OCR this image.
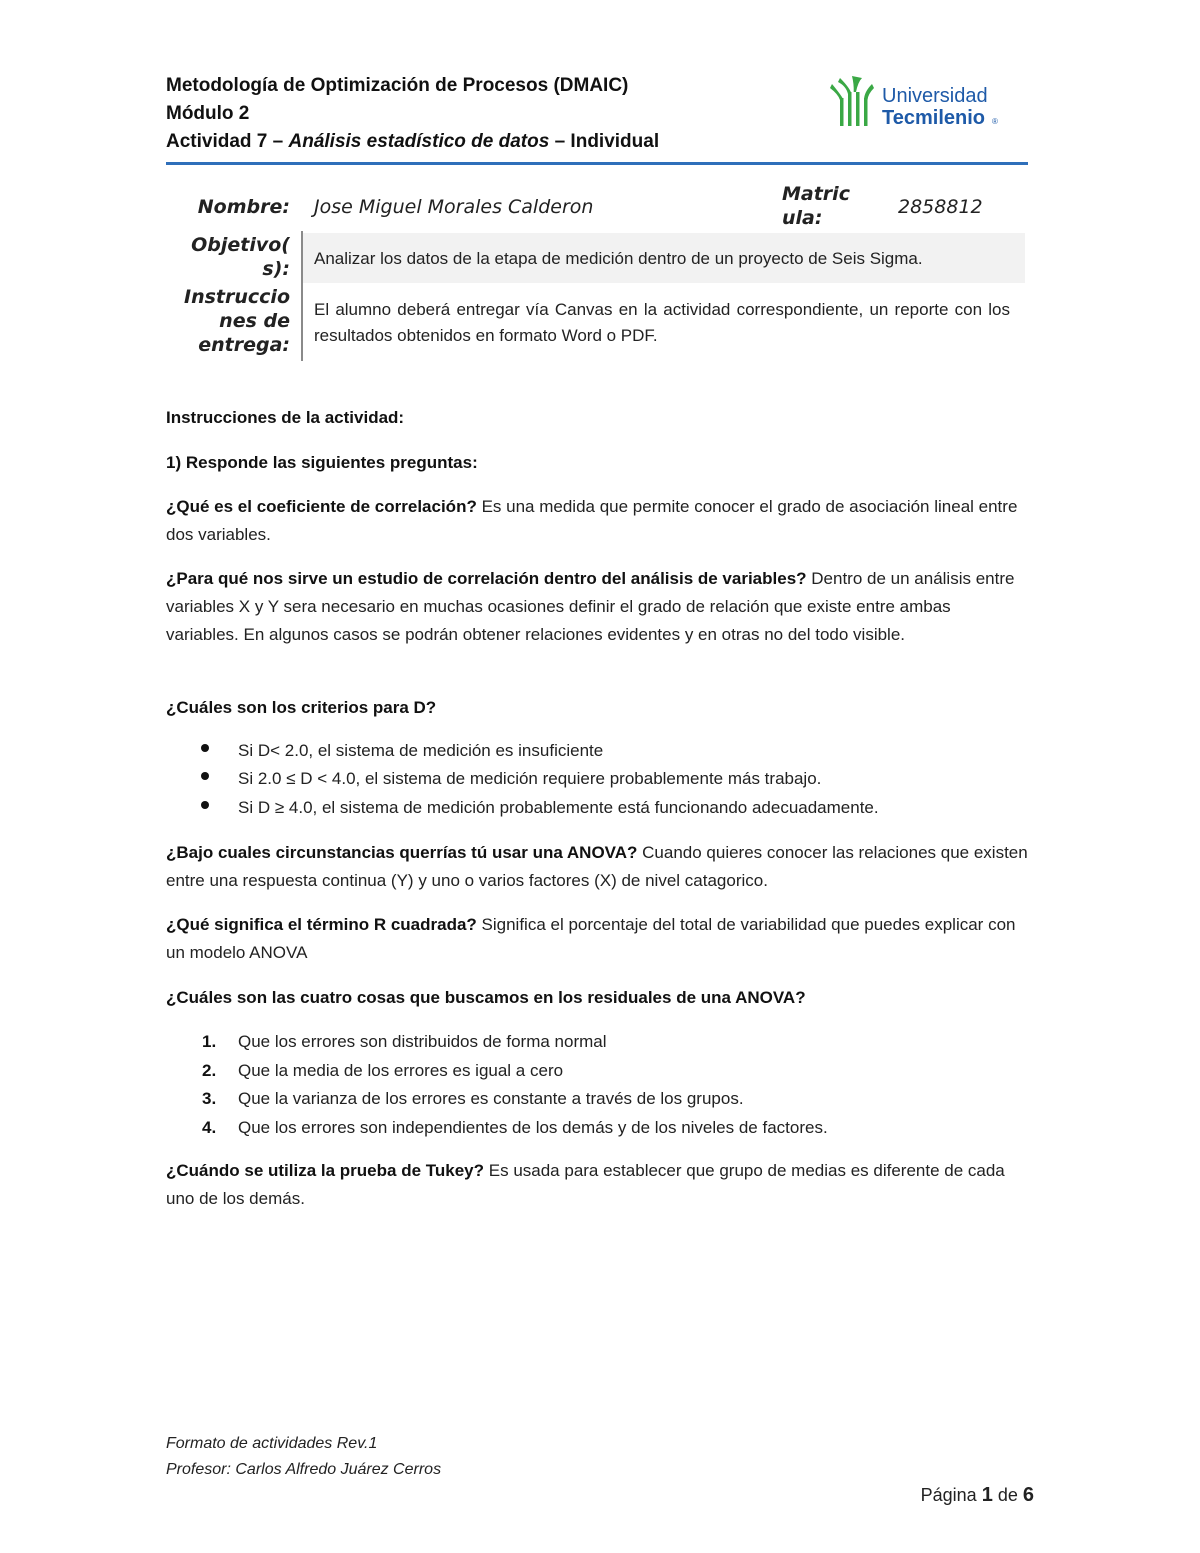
Metodología de Optimización de Procesos (DMAIC)
Módulo 2
Actividad 7 – Análisis estadístico de datos – Individual
Universidad
Tecmilenio ®
Nombre: Jose Miguel Morales Calderon
Matric
ula:	2858812
Objetivo(
s): Analizar los datos de la etapa de medición dentro de un proyecto de Seis Sigma.
Instruccio
nes de
entrega:
El alumno deberá entregar vía Canvas en la actividad correspondiente, un reporte con los resultados obtenidos en formato Word o PDF.
Instrucciones de la actividad:
1) Responde las siguientes preguntas:
¿Qué es el coeficiente de correlación? Es una medida que permite conocer el grado de asociación lineal entre dos variables.
¿Para qué nos sirve un estudio de correlación dentro del análisis de variables? Dentro de un análisis entre variables X y Y sera necesario en muchas ocasiones definir el grado de relación que existe entre ambas variables. En algunos casos se podrán obtener relaciones evidentes y en otras no del todo visible.
¿Cuáles son los criterios para D?
Si D< 2.0, el sistema de medición es insuficiente
Si 2.0 ≤ D < 4.0, el sistema de medición requiere probablemente más trabajo.
Si D ≥ 4.0, el sistema de medición probablemente está funcionando adecuadamente.
¿Bajo cuales circunstancias querrías tú usar una ANOVA? Cuando quieres conocer las relaciones que existen entre una respuesta continua (Y) y uno o varios factores (X) de nivel catagorico.
¿Qué significa el término R cuadrada? Significa el porcentaje del total de variabilidad que puedes explicar con un modelo ANOVA
¿Cuáles son las cuatro cosas que buscamos en los residuales de una ANOVA?
1. Que los errores son distribuidos de forma normal
2. Que la media de los errores es igual a cero
3. Que la varianza de los errores es constante a través de los grupos.
4. Que los errores son independientes de los demás y de los niveles de factores.
¿Cuándo se utiliza la prueba de Tukey? Es usada para establecer que grupo de medias es diferente de cada uno de los demás.
Formato de actividades Rev.1
Profesor: Carlos Alfredo Juárez Cerros
Página 1 de 6
